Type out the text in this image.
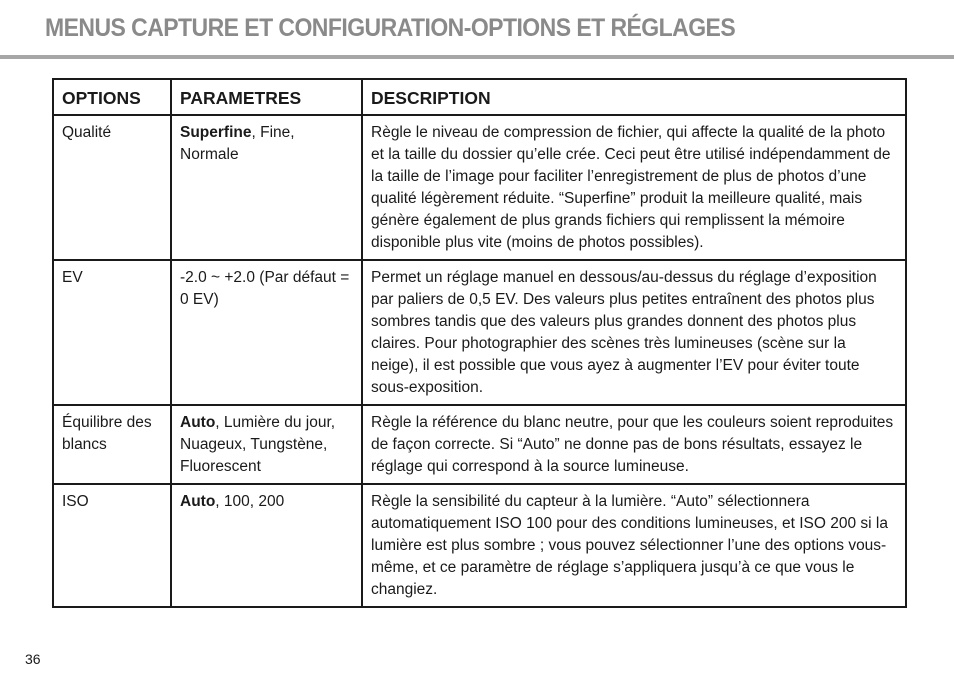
MENUS CAPTURE ET CONFIGURATION-OPTIONS ET RÉGLAGES
OPTIONS	PARAMETRES	DESCRIPTION
Qualité	Superfine, Fine, Normale	Règle le niveau de compression de fichier, qui affecte la qualité de la photo et la taille du dossier qu’elle crée. Ceci peut être utilisé indépendamment de la taille de l’image pour faciliter l’enregistrement de plus de photos d’une qualité légèrement réduite. “Superfine” produit la meilleure qualité, mais génère également de plus grands fichiers qui remplissent la mémoire disponible plus vite (moins de photos possibles).
EV	-2.0 ~ +2.0 (Par défaut = 0 EV)	Permet un réglage manuel en dessous/au-dessus du réglage d’exposition par paliers de 0,5 EV. Des valeurs plus petites entraînent des photos plus sombres tandis que des valeurs plus grandes donnent des photos plus claires. Pour photographier des scènes très lumineuses (scène sur la neige), il est possible que vous ayez à augmenter l’EV pour éviter toute sous-exposition.
Équilibre des blancs	Auto, Lumière du jour, Nuageux, Tungstène, Fluorescent	Règle la référence du blanc neutre, pour que les couleurs soient reproduites de façon correcte. Si “Auto” ne donne pas de bons résultats, essayez le réglage qui correspond à la source lumineuse.
ISO	Auto, 100, 200	Règle la sensibilité du capteur à la lumière. “Auto” sélectionnera automatiquement ISO 100 pour des conditions lumineuses, et ISO 200 si la lumière est plus sombre ; vous pouvez sélectionner l’une des options vous-même, et ce paramètre de réglage s’appliquera jusqu’à ce que vous le changiez.
36
